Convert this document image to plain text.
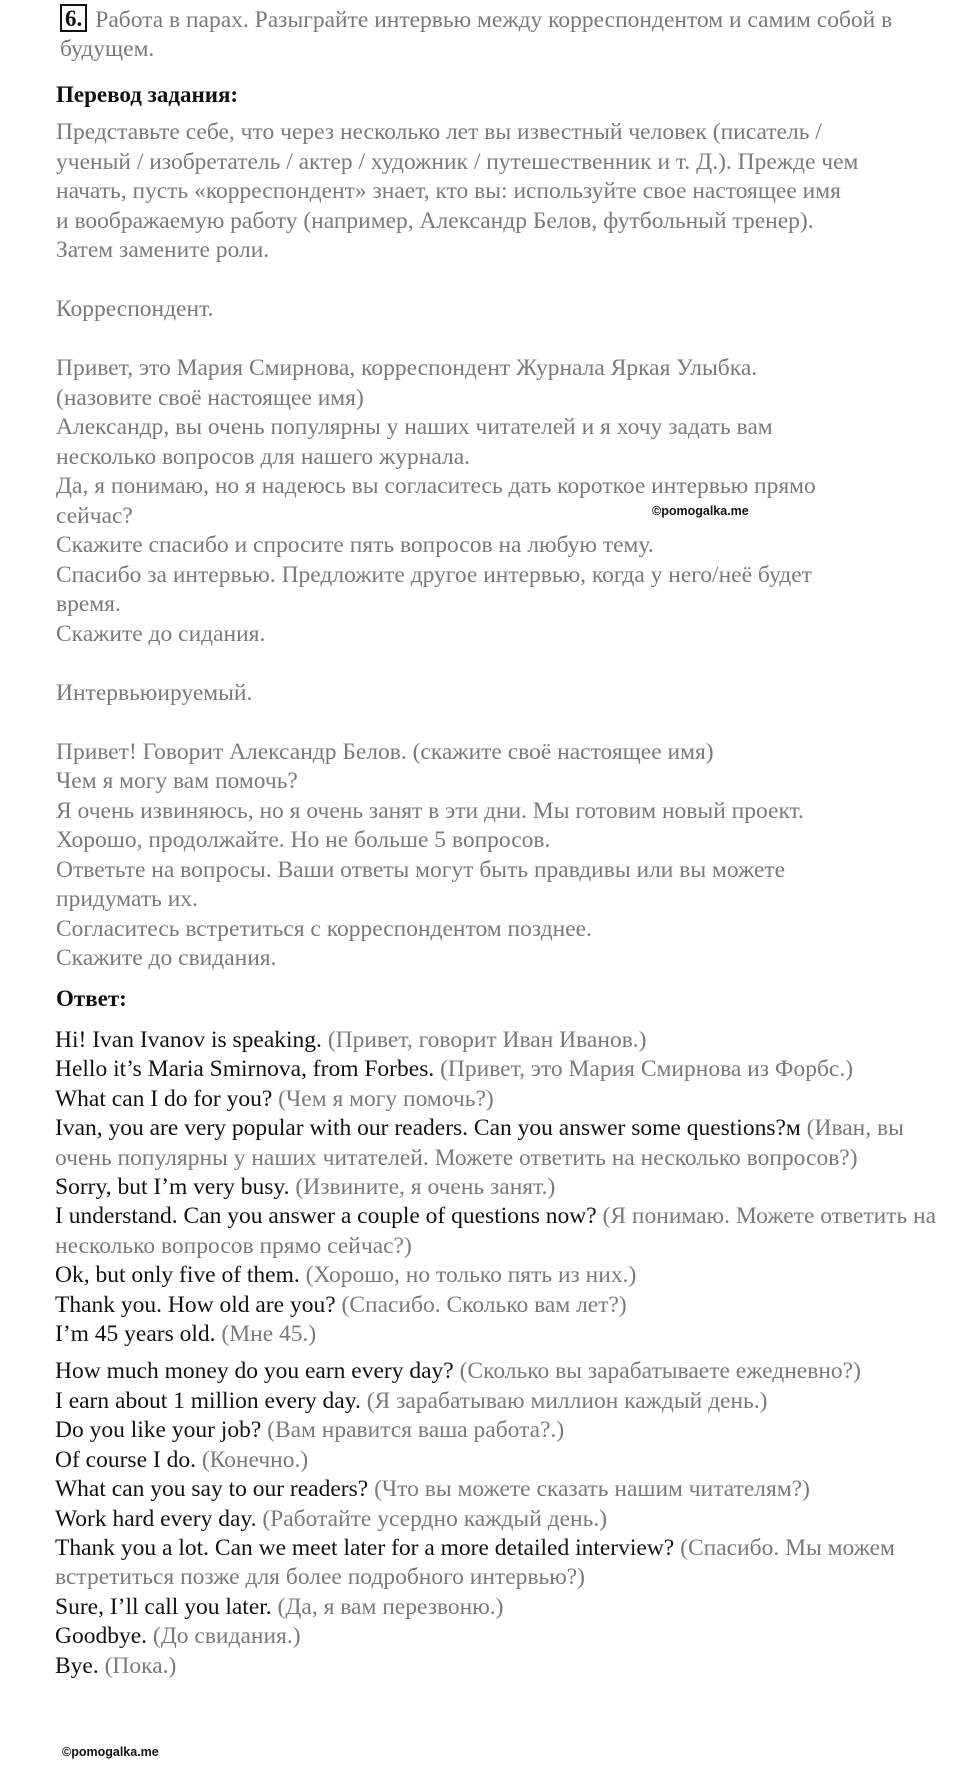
6. Работа в парах. Разыграйте интервью между корреспондентом и самим собой в будущем.
Перевод задания:

Представьте себе, что через несколько лет вы известный человек (писатель /

ученый / изобретатель / актер / художник / путешественник и т. Д.). Прежде чем

начать, пусть «корреспондент» знает, кто вы: используйте свое настоящее имя

и воображаемую работу (например, Александр Белов, футбольный тренер).

Затем замените роли.

Корреспондент.

Привет, это Мария Смирнова, корреспондент Журнала Яркая Улыбка.

(назовите своё настоящее имя)

Александр, вы очень популярны у наших читателей и я хочу задать вам

несколько вопросов для нашего журнала.

Да, я понимаю, но я надеюсь вы согласитесь дать короткое интервью прямо

сейчас?

Скажите спасибо и спросите пять вопросов на любую тему.

Спасибо за интервью. Предложите другое интервью, когда у него/неё будет

время.

Скажите до сидания.

Интервьюируемый.

Привет! Говорит Александр Белов. (скажите своё настоящее имя)

Чем я могу вам помочь?

Я очень извиняюсь, но я очень занят в эти дни. Мы готовим новый проект.

Хорошо, продолжайте. Но не больше 5 вопросов.

Ответьте на вопросы. Ваши ответы могут быть правдивы или вы можете

придумать их.

Согласитесь встретиться с корреспондентом позднее.

Скажите до свидания.

©pomogalka.me
Ответ:

Hi! Ivan Ivanov is speaking. (Привет, говорит Иван Иванов.)

Hello it’s Maria Smirnova, from Forbes. (Привет, это Мария Смирнова из Форбс.)

What can I do for you? (Чем я могу помочь?)

Ivan, you are very popular with our readers. Can you answer some questions?м (Иван, вы очень популярны у наших читателей. Можете ответить на несколько вопросов?)

Sorry, but I’m very busy. (Извините, я очень занят.)

I understand. Can you answer a couple of questions now? (Я понимаю. Можете ответить на несколько вопросов прямо сейчас?)

Ok, but only five of them. (Хорошо, но только пять из них.)

Thank you. How old are you? (Спасибо. Сколько вам лет?)

I’m 45 years old. (Мне 45.)

How much money do you earn every day? (Сколько вы зарабатываете ежедневно?)

I earn about 1 million every day. (Я зарабатываю миллион каждый день.)

Do you like your job? (Вам нравится ваша работа?.)

Of course I do. (Конечно.)

What can you say to our readers? (Что вы можете сказать нашим читателям?)

Work hard every day. (Работайте усердно каждый день.)

Thank you a lot. Can we meet later for a more detailed interview? (Спасибо. Мы можем встретиться позже для более подробного интервью?)

Sure, I’ll call you later. (Да, я вам перезвоню.)

Goodbye. (До свидания.)

Bye. (Пока.)

©pomogalka.me
